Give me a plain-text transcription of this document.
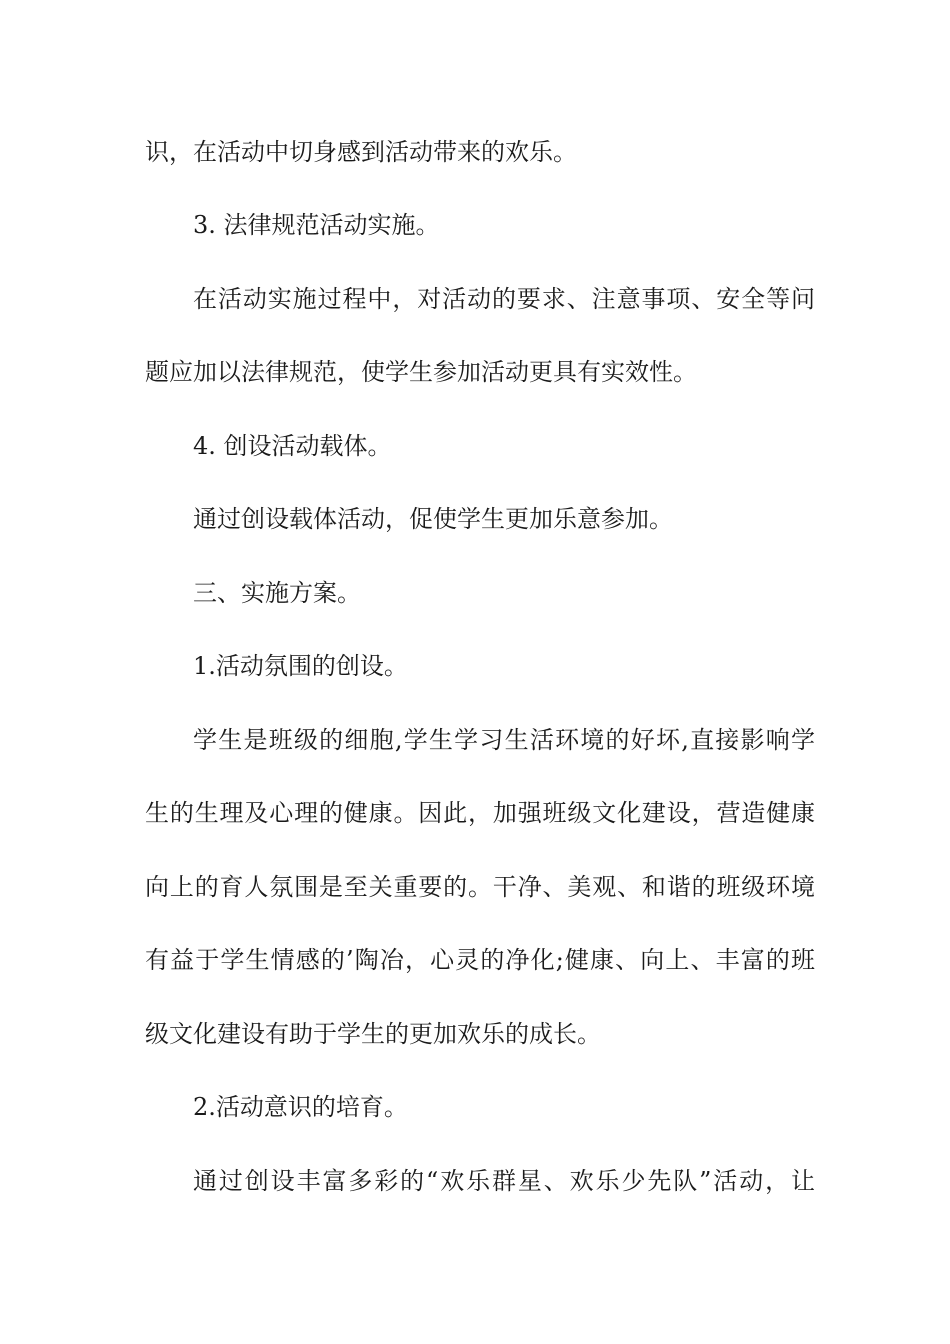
识，在活动中切身感到活动带来的欢乐。
3. 法律规范活动实施。
在活动实施过程中，对活动的要求、注意事项、安全等问
题应加以法律规范，使学生参加活动更具有实效性。
4. 创设活动载体。
通过创设载体活动，促使学生更加乐意参加。
三、实施方案。
1.活动氛围的创设。
学生是班级的细胞,学生学习生活环境的好坏,直接影响学
生的生理及心理的健康。因此，加强班级文化建设，营造健康
向上的育人氛围是至关重要的。干净、美观、和谐的班级环境
有益于学生情感的’陶冶，心灵的净化;健康、向上、丰富的班
级文化建设有助于学生的更加欢乐的成长。
2.活动意识的培育。
通过创设丰富多彩的“欢乐群星、欢乐少先队”活动，让
